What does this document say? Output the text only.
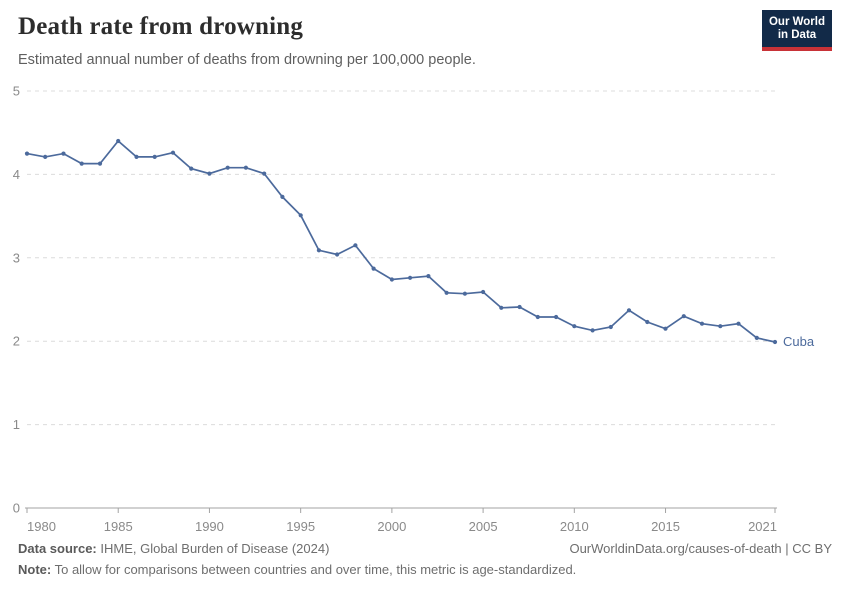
Death rate from drowning
Estimated annual number of deaths from drowning per 100,000 people.
Our World
in Data
0
1
2
3
4
5
1980	1985	1990	1995	2000	2005	2010	2015	2021
Cuba
Data source: IHME, Global Burden of Disease (2024)	OurWorldinData.org/causes-of-death | CC BY
Note: To allow for comparisons between countries and over time, this metric is age-standardized.
